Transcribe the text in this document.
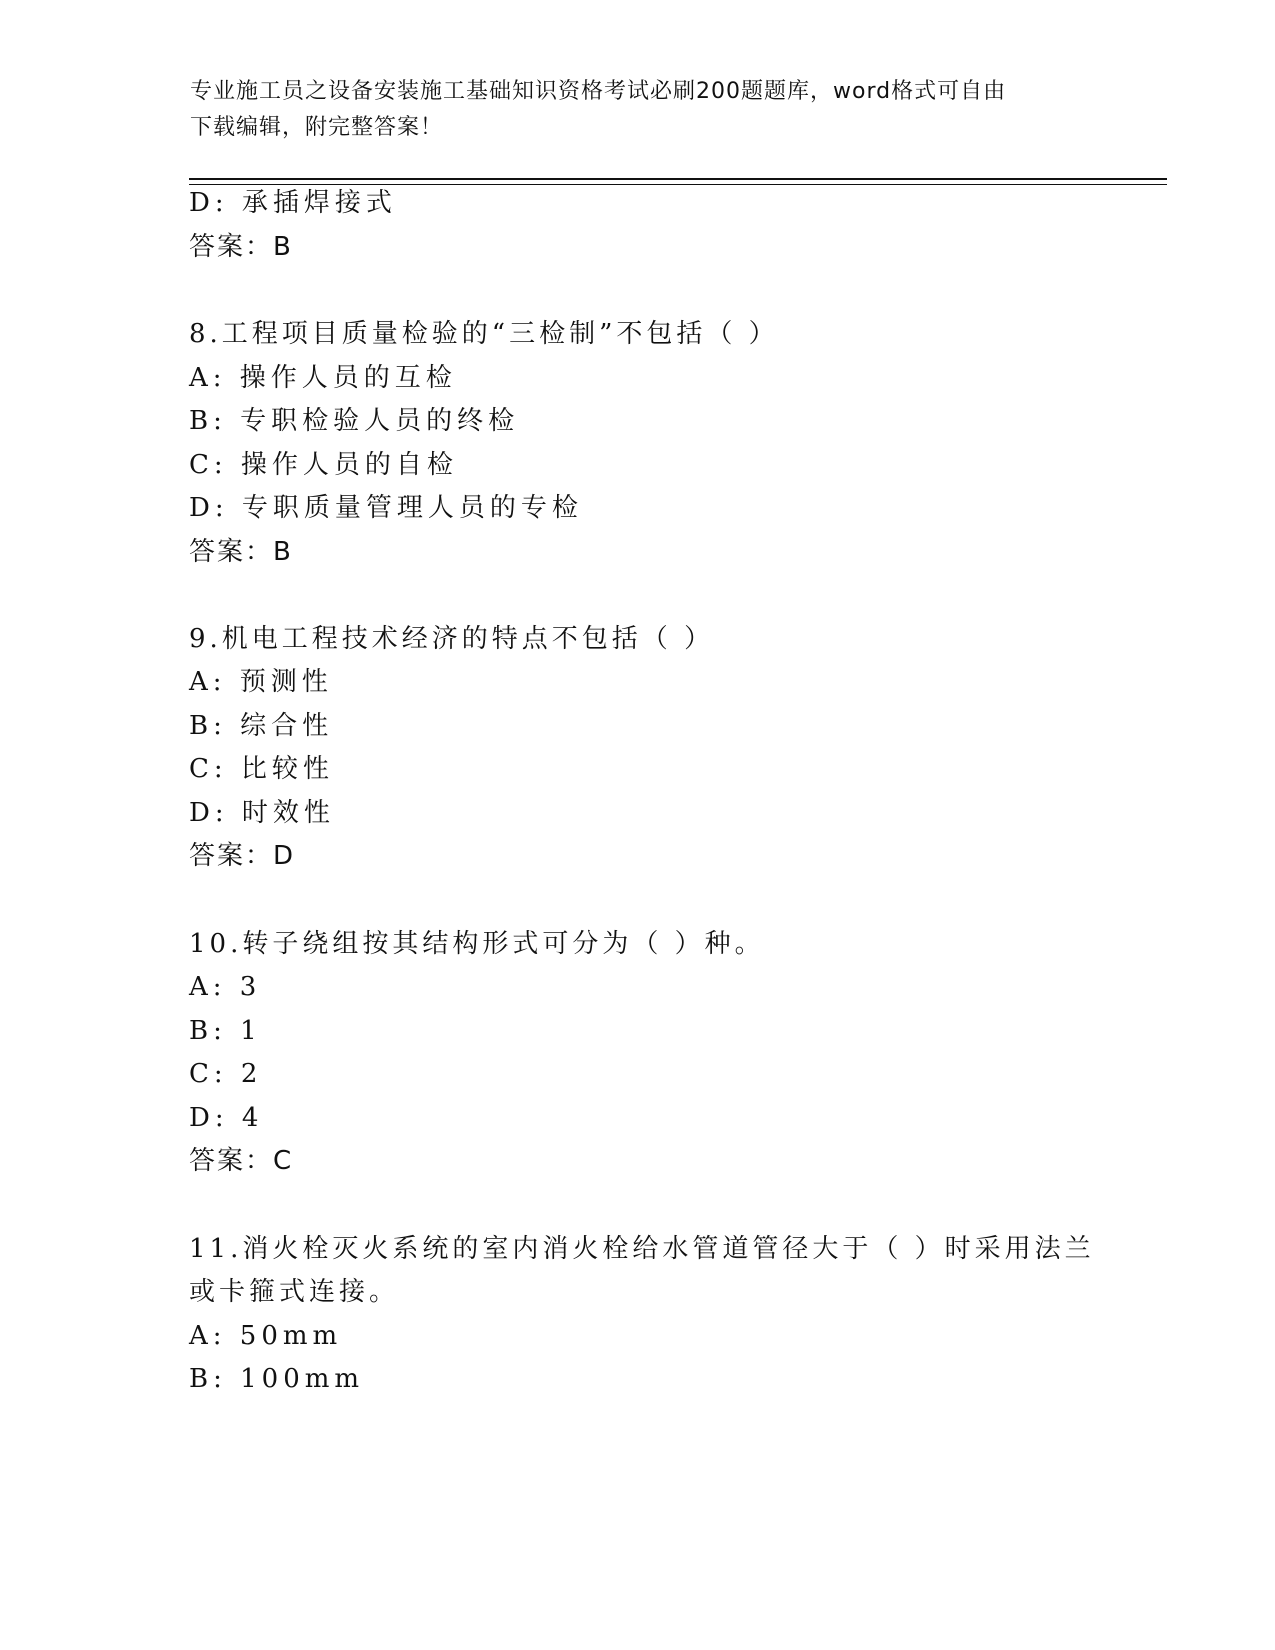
专业施工员之设备安装施工基础知识资格考试必刷200题题库，word格式可自由
下载编辑，附完整答案！
D: 承插焊接式
答案：B
8.工程项目质量检验的“三检制”不包括（ ）
A: 操作人员的互检
B: 专职检验人员的终检
C: 操作人员的自检
D: 专职质量管理人员的专检
答案：B
9.机电工程技术经济的特点不包括（ ）
A: 预测性
B: 综合性
C: 比较性
D: 时效性
答案：D
10.转子绕组按其结构形式可分为（ ）种。
A: 3
B: 1
C: 2
D: 4
答案：C
11.消火栓灭火系统的室内消火栓给水管道管径大于（ ）时采用法兰
或卡箍式连接。
A: 50mm
B: 100mm
